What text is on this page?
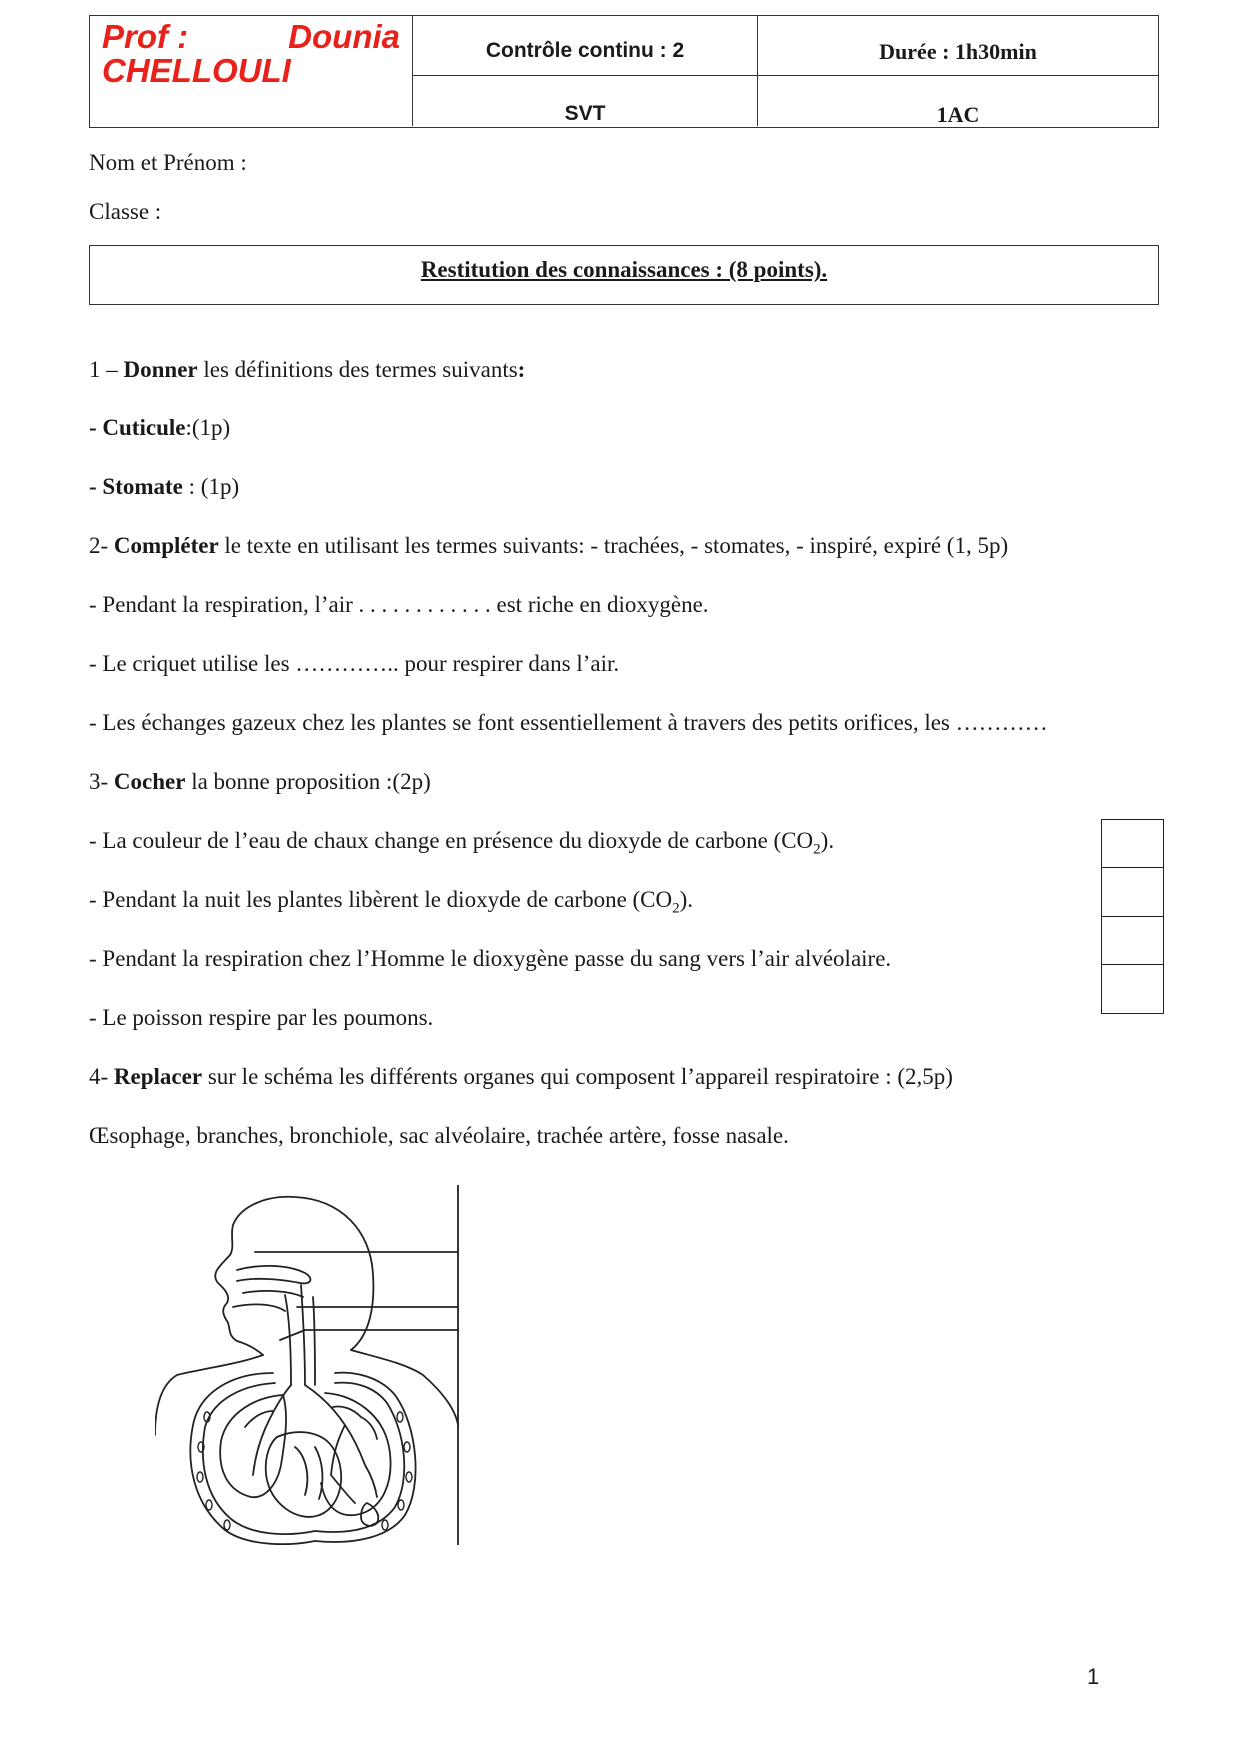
Prof :	Dounia
CHELLOULI
Contrôle continu : 2	Durée : 1h30min
SVT	1AC
Nom et Prénom :
Classe :
Restitution des connaissances : (8 points).
1 – Donner les définitions des termes suivants:
- Cuticule:(1p)
- Stomate : (1p)
2- Compléter le texte en utilisant les termes suivants: - trachées, - stomates, - inspiré, expiré (1, 5p)
- Pendant la respiration, l’air . . . . . . . . . . . . est riche en dioxygène.
- Le criquet utilise les ………….. pour respirer dans l’air.
- Les échanges gazeux chez les plantes se font essentiellement à travers des petits orifices, les …………
3- Cocher la bonne proposition :(2p)
- La couleur de l’eau de chaux change en présence du dioxyde de carbone $(CO_2)$.
- Pendant la nuit les plantes libèrent le dioxyde de carbone $(CO_2)$.
- Pendant la respiration chez l’Homme le dioxygène passe du sang vers l’air alvéolaire.
- Le poisson respire par les poumons.
4- Replacer sur le schéma les différents organes qui composent l’appareil respiratoire : (2,5p)
Œsophage, branches, bronchiole, sac alvéolaire, trachée artère, fosse nasale.
1
